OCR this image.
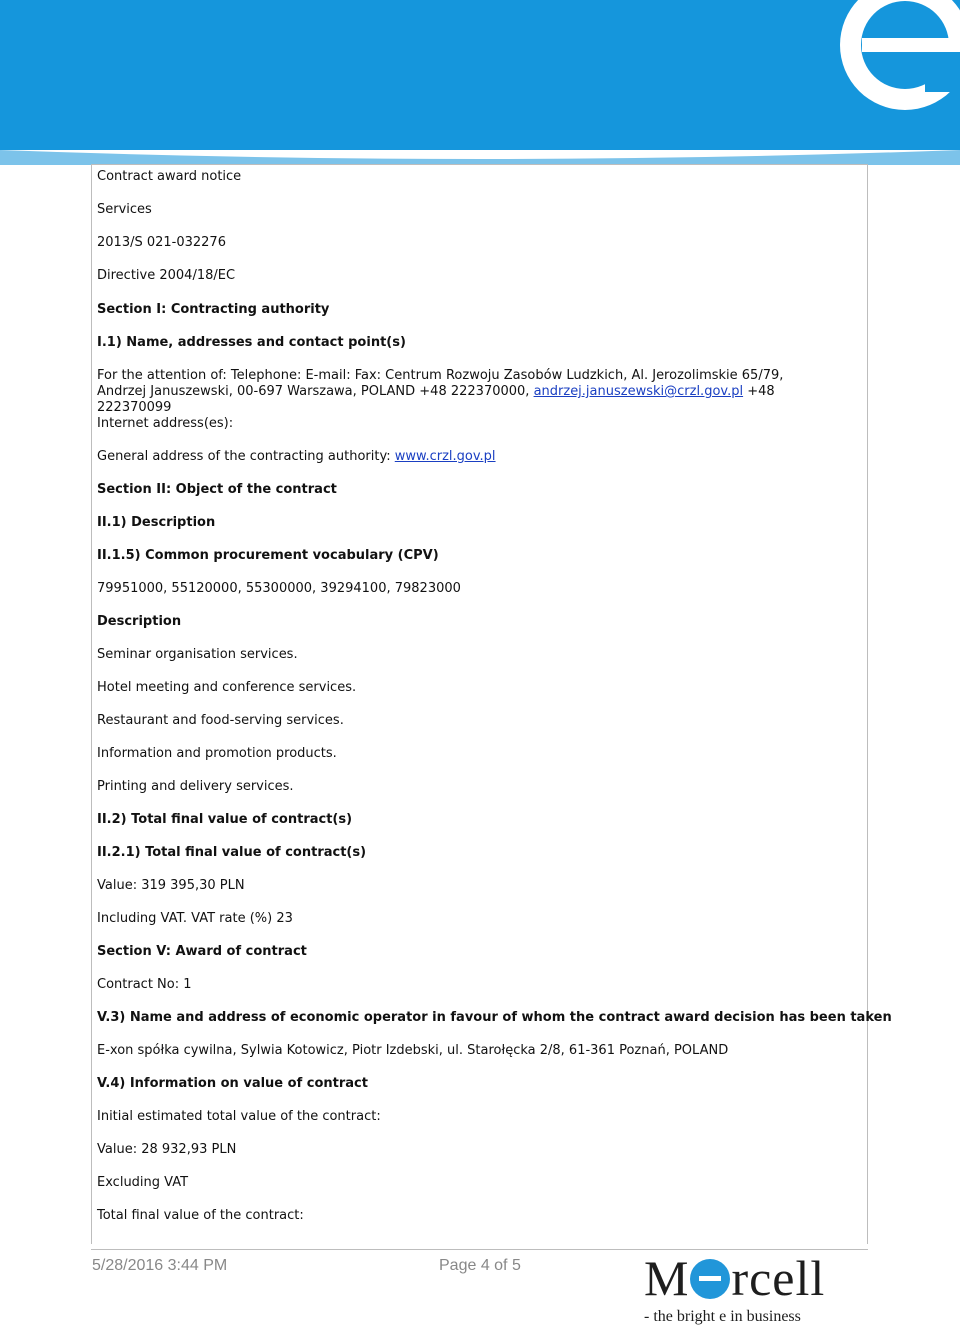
Contract award notice
Services
2013/S 021-032276
Directive 2004/18/EC
Section I: Contracting authority
I.1) Name, addresses and contact point(s)
For the attention of: Telephone: E-mail: Fax: Centrum Rozwoju Zasobów Ludzkich, Al. Jerozolimskie 65/79, Andrzej Januszewski, 00-697 Warszawa, POLAND +48 222370000, andrzej.januszewski@crzl.gov.pl +48 222370099
Internet address(es):
General address of the contracting authority: www.crzl.gov.pl
Section II: Object of the contract
II.1) Description
II.1.5) Common procurement vocabulary (CPV)
79951000, 55120000, 55300000, 39294100, 79823000
Description
Seminar organisation services.
Hotel meeting and conference services.
Restaurant and food-serving services.
Information and promotion products.
Printing and delivery services.
II.2) Total final value of contract(s)
II.2.1) Total final value of contract(s)
Value: 319 395,30 PLN
Including VAT. VAT rate (%) 23
Section V: Award of contract
Contract No: 1
V.3) Name and address of economic operator in favour of whom the contract award decision has been taken
E-xon spółka cywilna, Sylwia Kotowicz, Piotr Izdebski, ul. Starołęcka 2/8, 61-361 Poznań, POLAND
V.4) Information on value of contract
Initial estimated total value of the contract:
Value: 28 932,93 PLN
Excluding VAT
Total final value of the contract:
5/28/2016 3:44 PM	Page 4 of 5 M rcell
- the bright e in business
